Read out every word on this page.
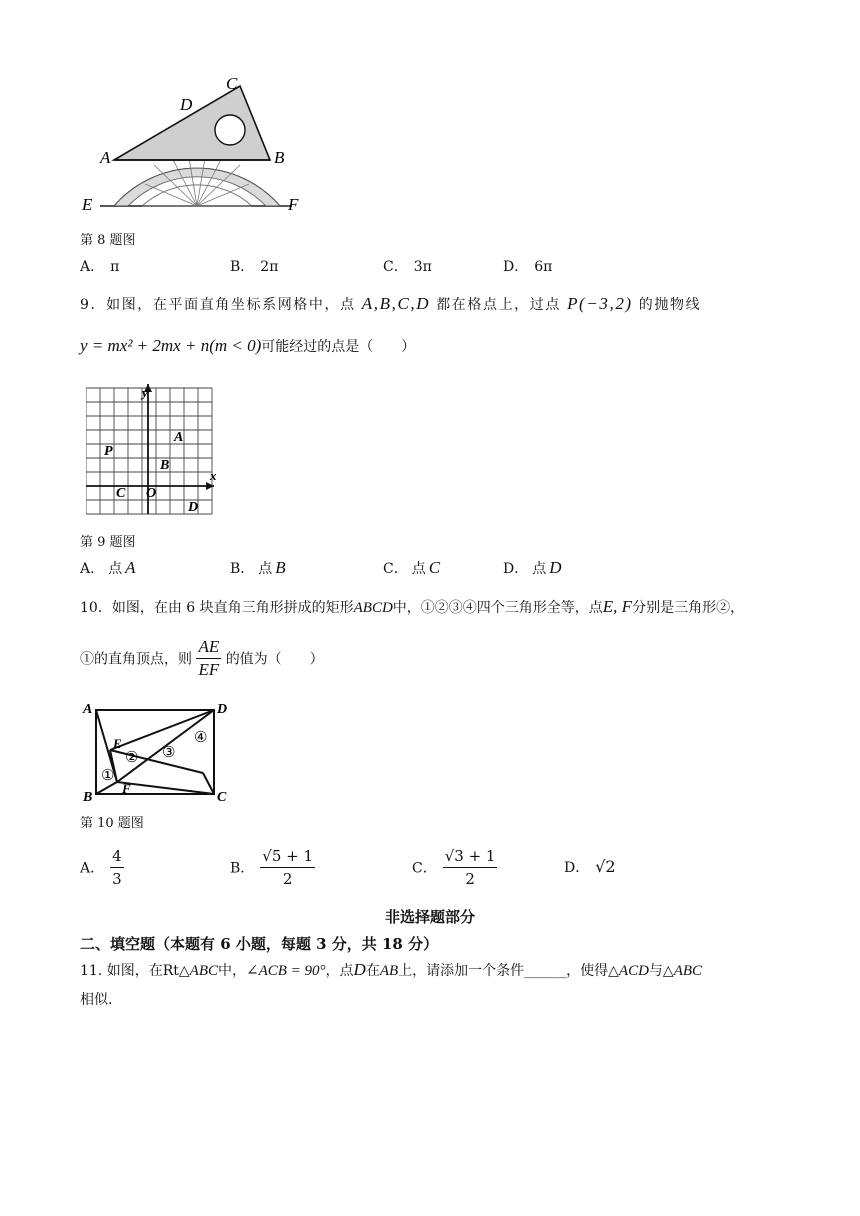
A	B
C
D
E	F
第 8 题图
A． π	B． 2π	C． 3π	D． 6π
9．如图，在平面直角坐标系网格中，点 A,B,C,D 都在格点上，过点 P(−3,2) 的抛物线
y = mx² + 2mx + n(m < 0)可能经过的点是（　　）
y
x
P
A
B
C O
D
第 9 题图
A． 点 A	B． 点 B	C． 点 C	D． 点 D
10．如图，在由 6 块直角三角形拼成的矩形ABCD中，①②③④四个三角形全等，点E, F分别是三角形②，
①的直角顶点，则 $\frac{AE}{EF}$ 的值为（　　）
A	D
E
B
F
C
①
② ③
④
第 10 题图
A． $\frac{4}{3}$	B． $\frac{√5 + 1}{2}$	C． $\frac{√3 + 1}{2}$	D． √2
非选择题部分
二、填空题（本题有 6 小题，每题 3 分，共 18 分）
11. 如图，在Rt△ABC中，∠ACB = 90°，点D在AB上，请添加一个条件______，使得△ACD与△ABC
相似.
